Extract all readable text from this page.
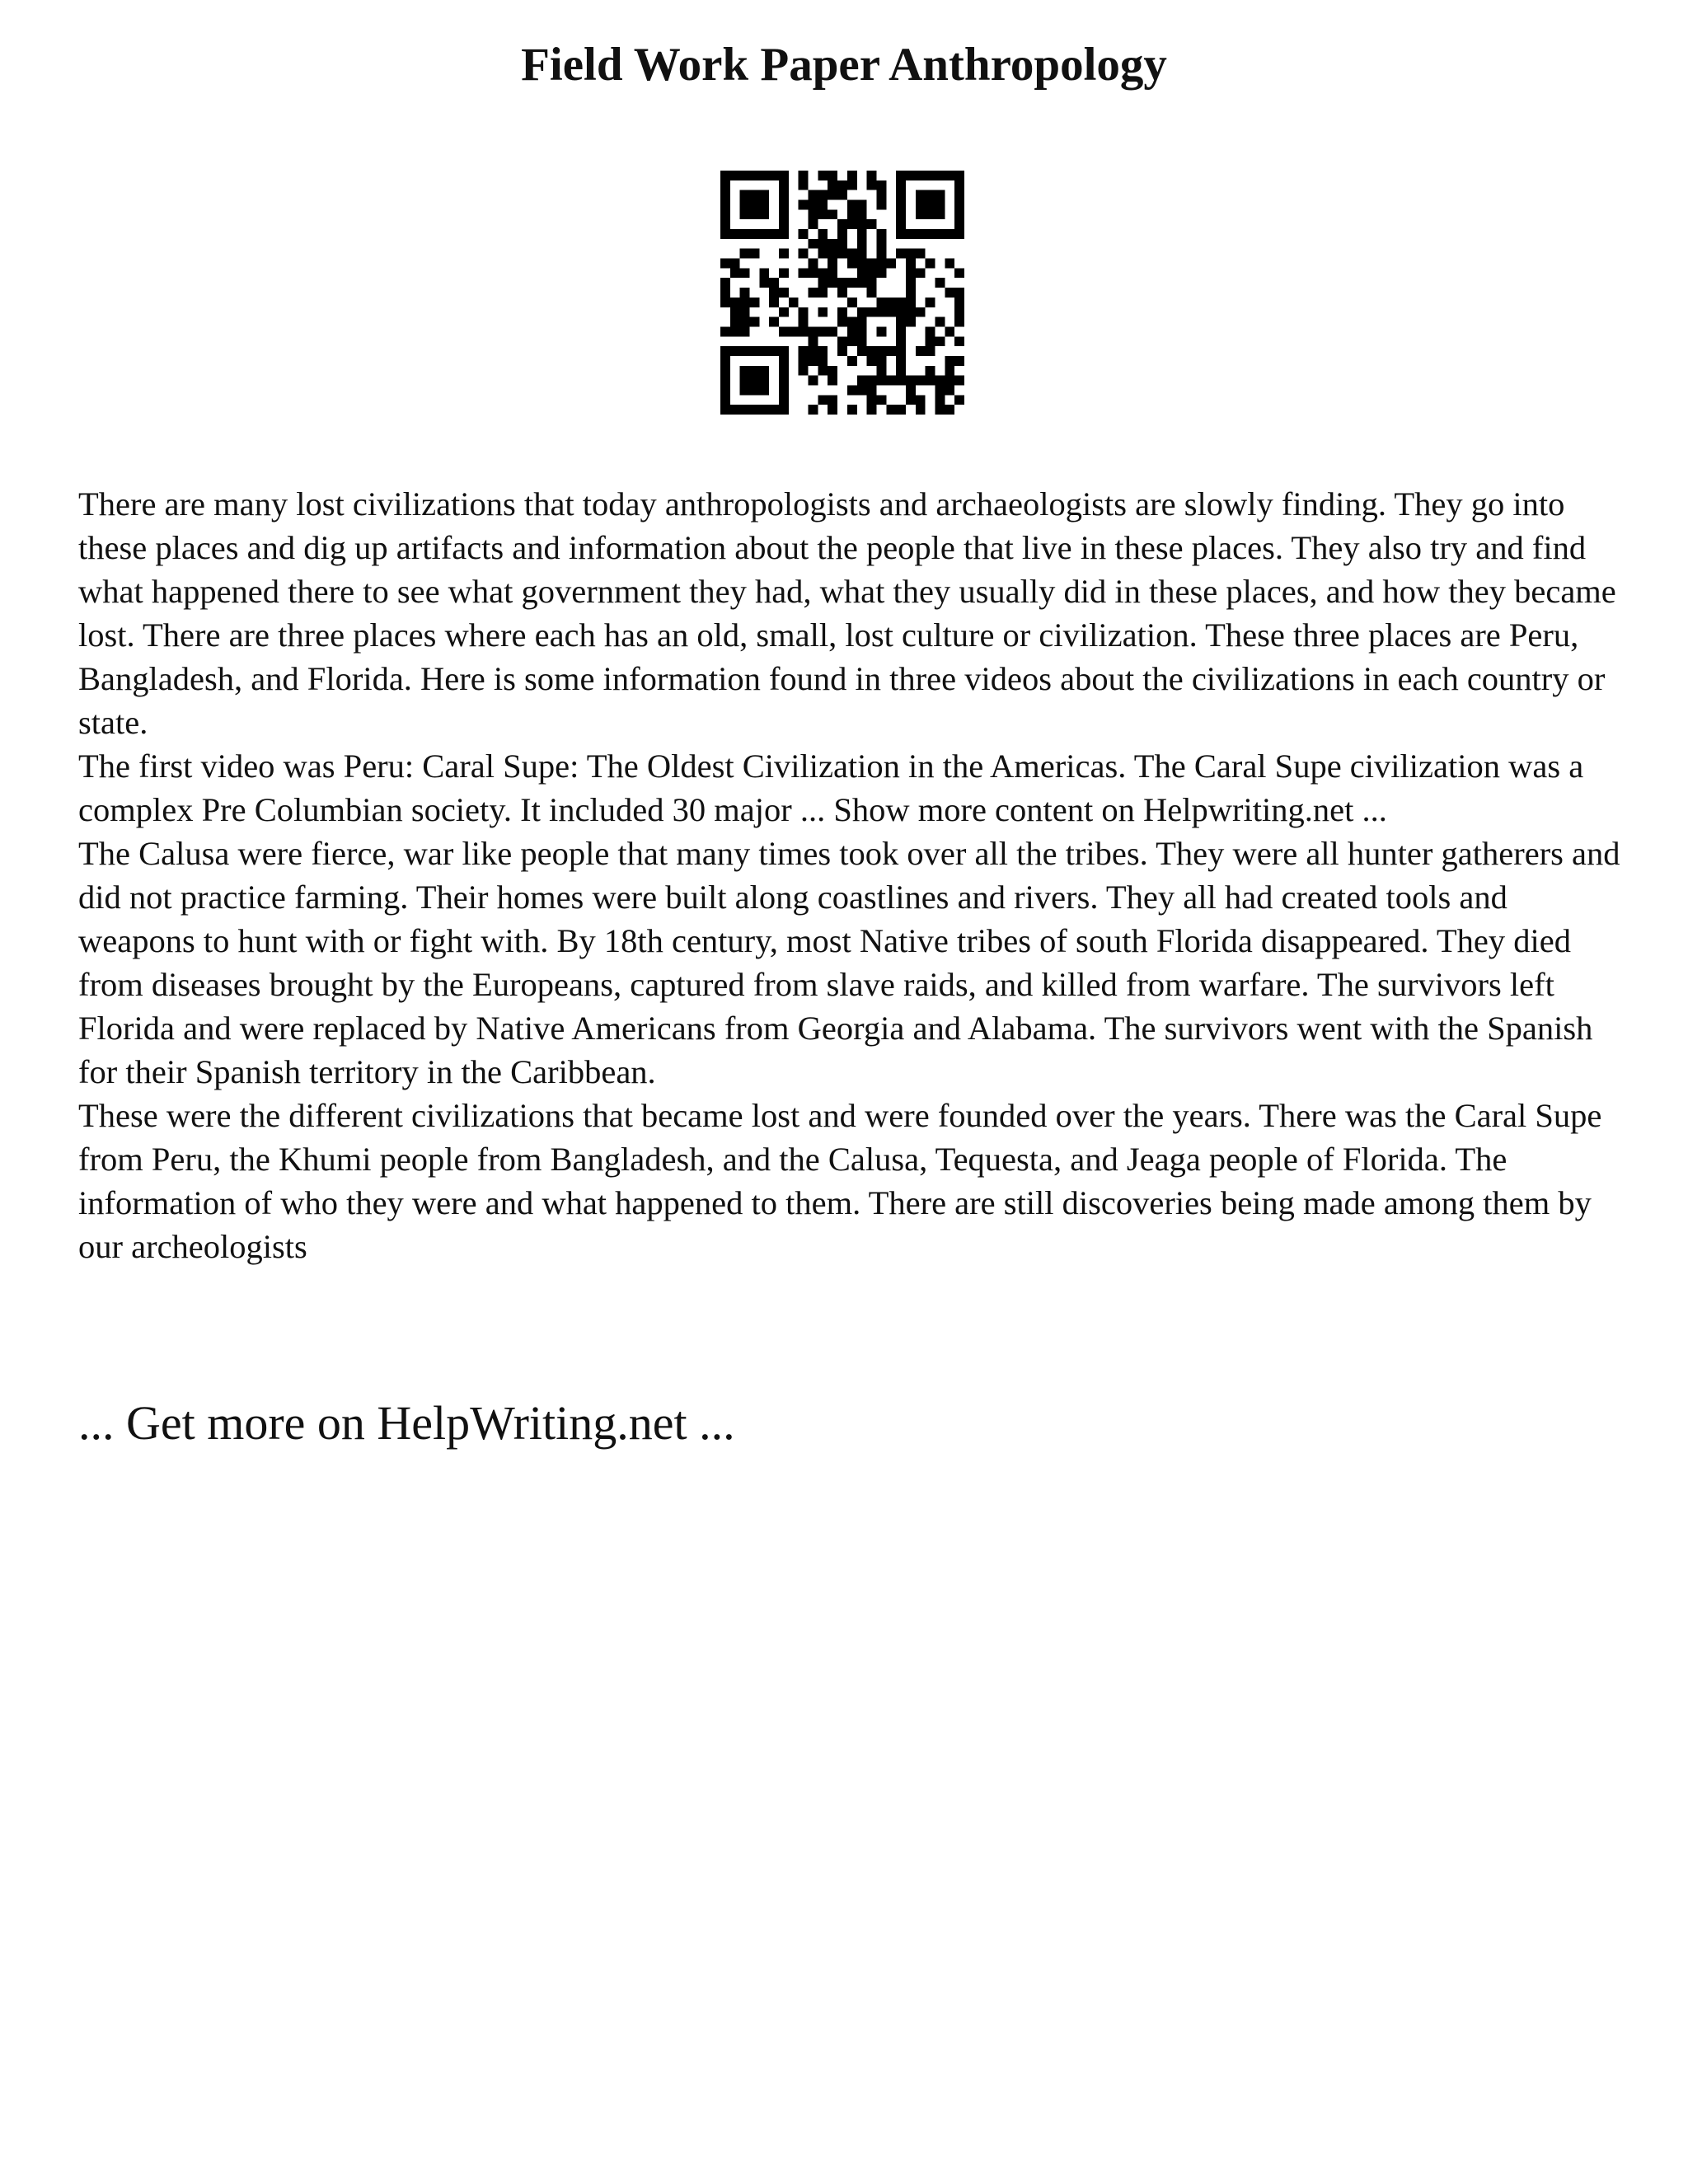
Field Work Paper Anthropology

There are many lost civilizations that today anthropologists and archaeologists are slowly finding. They go into these places and dig up artifacts and information about the people that live in these places. They also try and find what happened there to see what government they had, what they usually did in these places, and how they became lost. There are three places where each has an old, small, lost culture or civilization. These three places are Peru, Bangladesh, and Florida. Here is some information found in three videos about the civilizations in each country or state.

The first video was Peru: Caral Supe: The Oldest Civilization in the Americas. The Caral Supe civilization was a complex Pre Columbian society. It included 30 major ... Show more content on Helpwriting.net ...

The Calusa were fierce, war like people that many times took over all the tribes. They were all hunter gatherers and did not practice farming. Their homes were built along coastlines and rivers. They all had created tools and weapons to hunt with or fight with. By 18th century, most Native tribes of south Florida disappeared. They died from diseases brought by the Europeans, captured from slave raids, and killed from warfare. The survivors left Florida and were replaced by Native Americans from Georgia and Alabama. The survivors went with the Spanish for their Spanish territory in the Caribbean.

These were the different civilizations that became lost and were founded over the years. There was the Caral Supe from Peru, the Khumi people from Bangladesh, and the Calusa, Tequesta, and Jeaga people of Florida. The information of who they were and what happened to them. There are still discoveries being made among them by our archeologists

... Get more on HelpWriting.net ...
